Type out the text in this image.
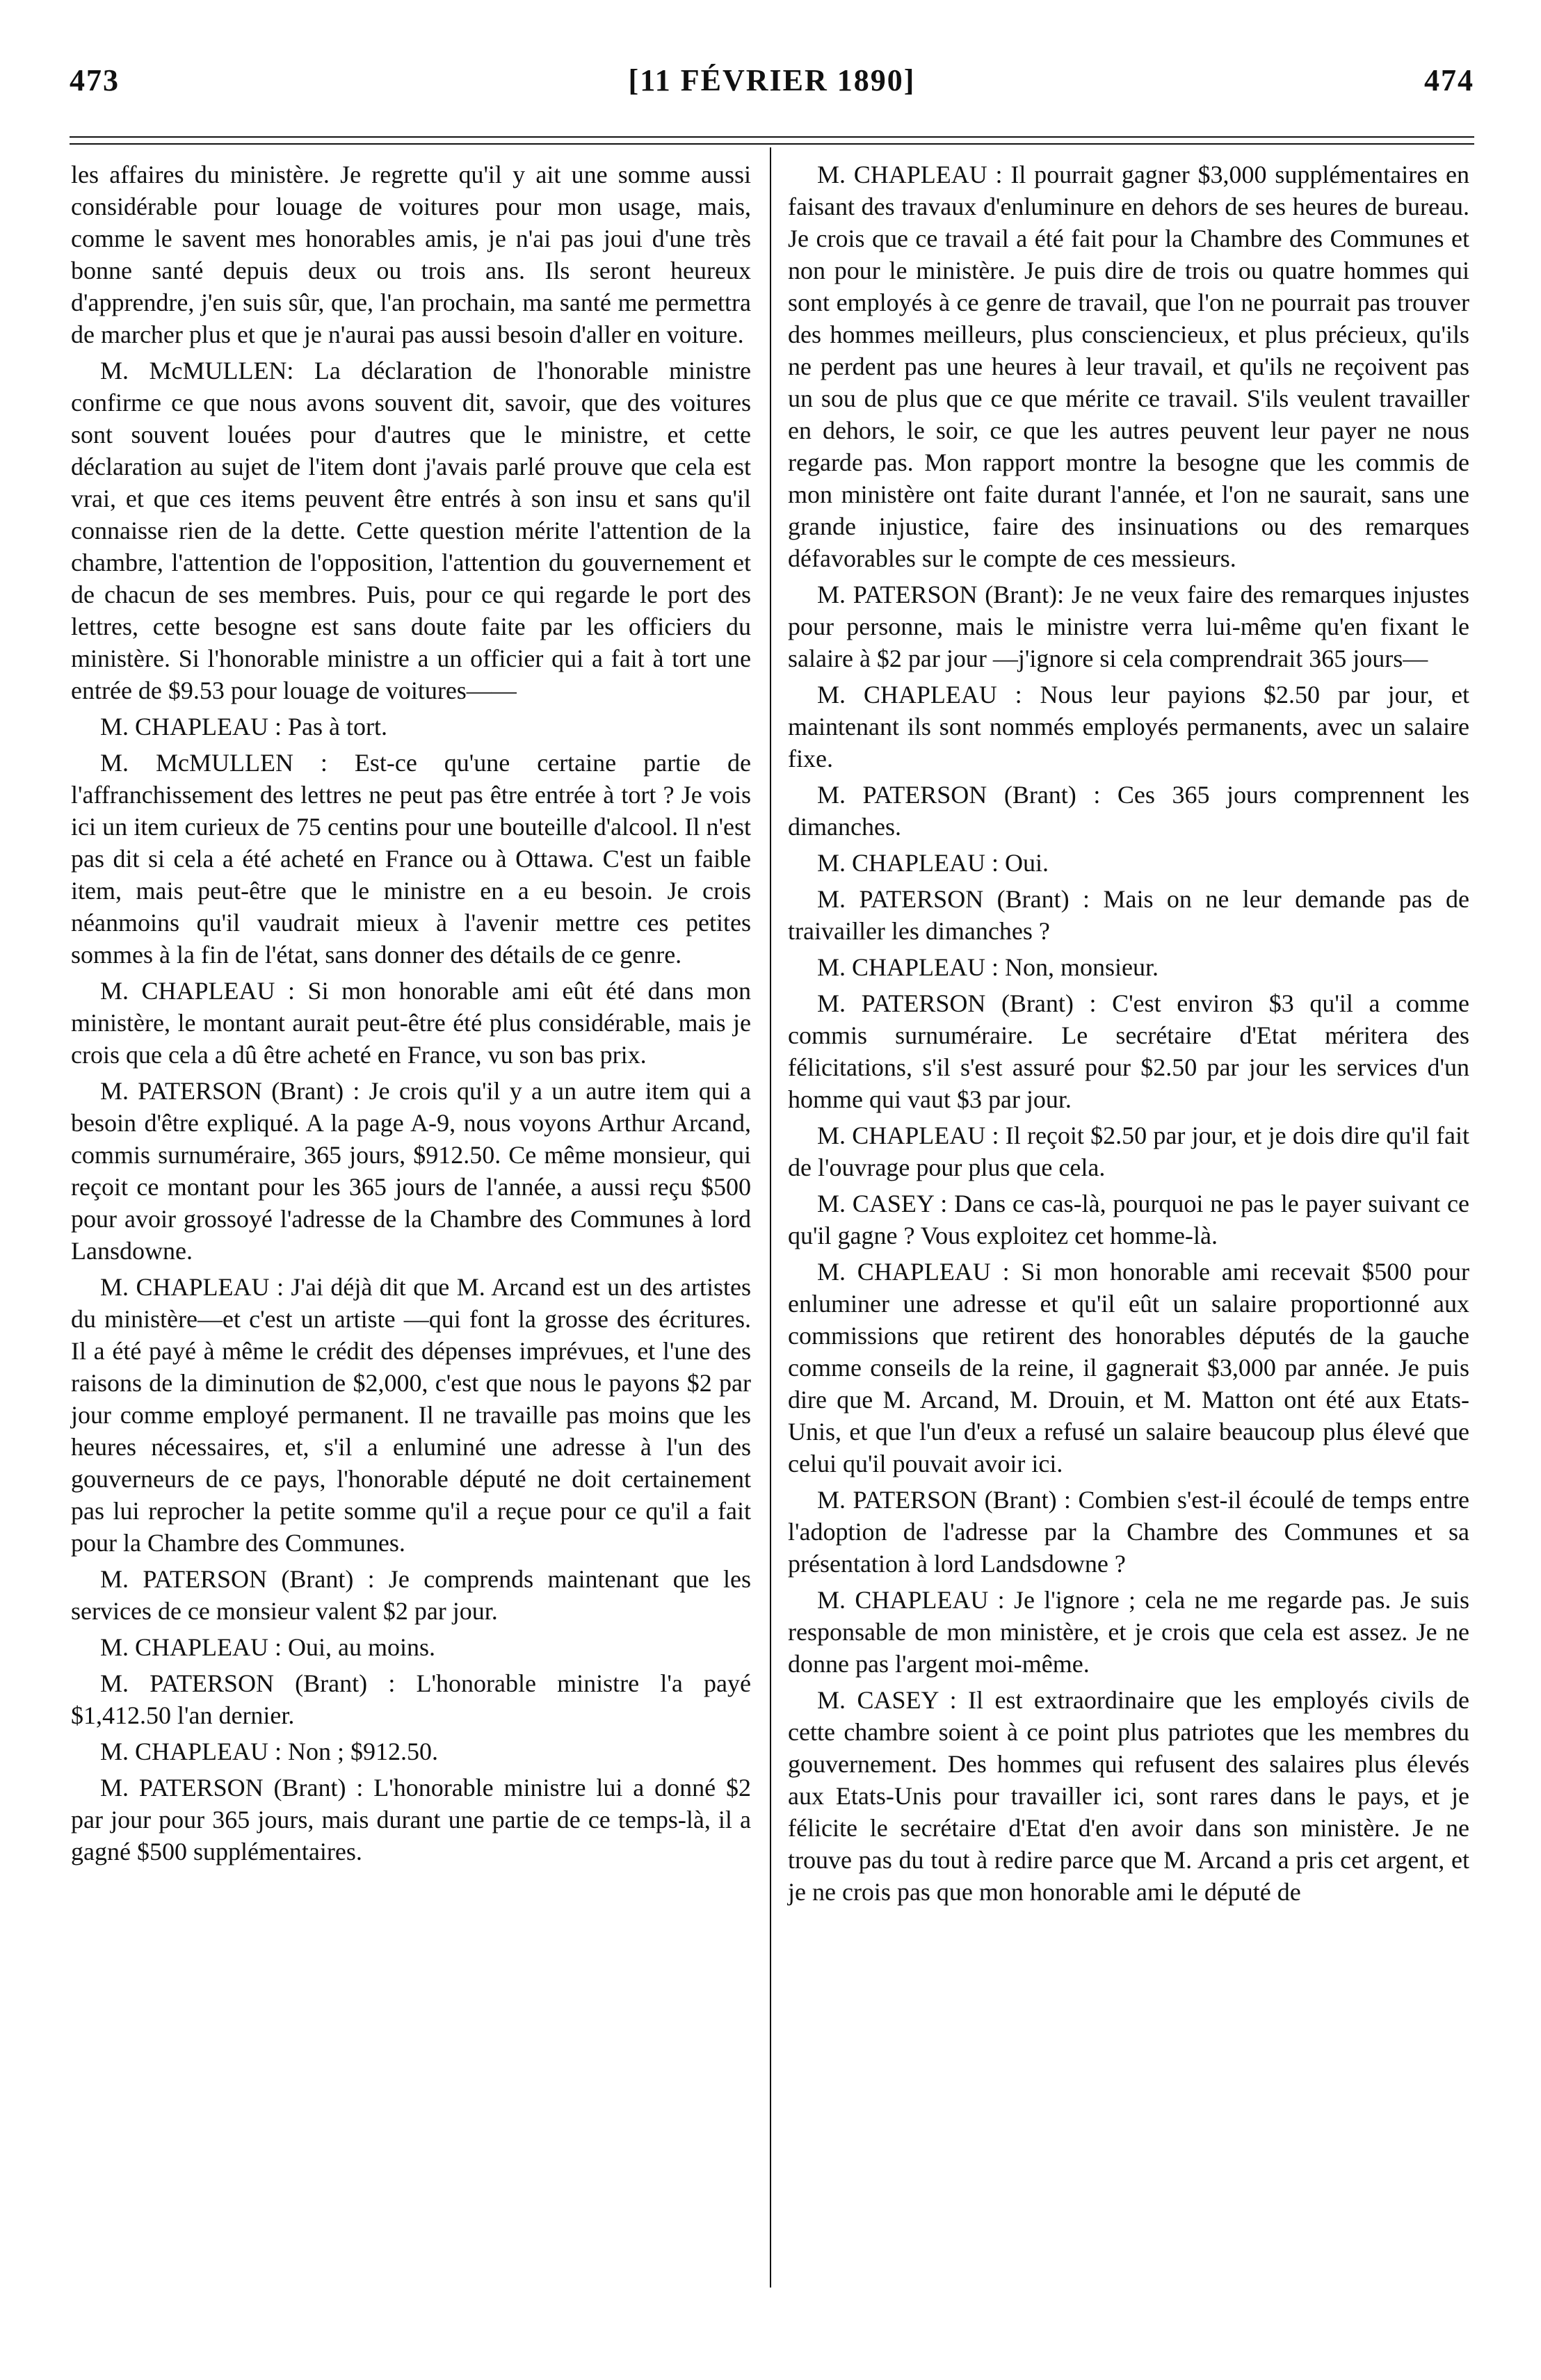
473	[11 FÉVRIER 1890]	474

les affaires du ministère. Je regrette qu'il y ait une somme aussi considérable pour louage de voitures pour mon usage, mais, comme le savent mes honorables amis, je n'ai pas joui d'une très bonne santé depuis deux ou trois ans. Ils seront heureux d'apprendre, j'en suis sûr, que, l'an prochain, ma santé me permettra de marcher plus et que je n'aurai pas aussi besoin d'aller en voiture.

M. McMULLEN: La déclaration de l'honorable ministre confirme ce que nous avons souvent dit, savoir, que des voitures sont souvent louées pour d'autres que le ministre, et cette déclaration au sujet de l'item dont j'avais parlé prouve que cela est vrai, et que ces items peuvent être entrés à son insu et sans qu'il connaisse rien de la dette. Cette question mérite l'attention de la chambre, l'attention de l'opposition, l'attention du gouvernement et de chacun de ses membres. Puis, pour ce qui regarde le port des lettres, cette besogne est sans doute faite par les officiers du ministère. Si l'honorable ministre a un officier qui a fait à tort une entrée de $9.53 pour louage de voitures——

M. CHAPLEAU : Pas à tort.

M. McMULLEN : Est-ce qu'une certaine partie de l'affranchissement des lettres ne peut pas être entrée à tort ? Je vois ici un item curieux de 75 centins pour une bouteille d'alcool. Il n'est pas dit si cela a été acheté en France ou à Ottawa. C'est un faible item, mais peut-être que le ministre en a eu besoin. Je crois néanmoins qu'il vaudrait mieux à l'avenir mettre ces petites sommes à la fin de l'état, sans donner des détails de ce genre.

M. CHAPLEAU : Si mon honorable ami eût été dans mon ministère, le montant aurait peut-être été plus considérable, mais je crois que cela a dû être acheté en France, vu son bas prix.

M. PATERSON (Brant) : Je crois qu'il y a un autre item qui a besoin d'être expliqué. A la page A-9, nous voyons Arthur Arcand, commis surnuméraire, 365 jours, $912.50. Ce même monsieur, qui reçoit ce montant pour les 365 jours de l'année, a aussi reçu $500 pour avoir grossoyé l'adresse de la Chambre des Communes à lord Lansdowne.

M. CHAPLEAU : J'ai déjà dit que M. Arcand est un des artistes du ministère—et c'est un artiste —qui font la grosse des écritures. Il a été payé à même le crédit des dépenses imprévues, et l'une des raisons de la diminution de $2,000, c'est que nous le payons $2 par jour comme employé permanent. Il ne travaille pas moins que les heures nécessaires, et, s'il a enluminé une adresse à l'un des gouverneurs de ce pays, l'honorable député ne doit certainement pas lui reprocher la petite somme qu'il a reçue pour ce qu'il a fait pour la Chambre des Communes.

M. PATERSON (Brant) : Je comprends maintenant que les services de ce monsieur valent $2 par jour.

M. CHAPLEAU : Oui, au moins.

M. PATERSON (Brant) : L'honorable ministre l'a payé $1,412.50 l'an dernier.

M. CHAPLEAU : Non ; $912.50.

M. PATERSON (Brant) : L'honorable ministre lui a donné $2 par jour pour 365 jours, mais durant une partie de ce temps-là, il a gagné $500 supplémentaires.

M. CHAPLEAU : Il pourrait gagner $3,000 supplémentaires en faisant des travaux d'enluminure en dehors de ses heures de bureau. Je crois que ce travail a été fait pour la Chambre des Communes et non pour le ministère. Je puis dire de trois ou quatre hommes qui sont employés à ce genre de travail, que l'on ne pourrait pas trouver des hommes meilleurs, plus consciencieux, et plus précieux, qu'ils ne perdent pas une heures à leur travail, et qu'ils ne reçoivent pas un sou de plus que ce que mérite ce travail. S'ils veulent travailler en dehors, le soir, ce que les autres peuvent leur payer ne nous regarde pas. Mon rapport montre la besogne que les commis de mon ministère ont faite durant l'année, et l'on ne saurait, sans une grande injustice, faire des insinuations ou des remarques défavorables sur le compte de ces messieurs.

M. PATERSON (Brant): Je ne veux faire des remarques injustes pour personne, mais le ministre verra lui-même qu'en fixant le salaire à $2 par jour —j'ignore si cela comprendrait 365 jours—

M. CHAPLEAU : Nous leur payions $2.50 par jour, et maintenant ils sont nommés employés permanents, avec un salaire fixe.

M. PATERSON (Brant) : Ces 365 jours comprennent les dimanches.

M. CHAPLEAU : Oui.

M. PATERSON (Brant) : Mais on ne leur demande pas de traivailler les dimanches ?

M. CHAPLEAU : Non, monsieur.

M. PATERSON (Brant) : C'est environ $3 qu'il a comme commis surnuméraire. Le secrétaire d'Etat méritera des félicitations, s'il s'est assuré pour $2.50 par jour les services d'un homme qui vaut $3 par jour.

M. CHAPLEAU : Il reçoit $2.50 par jour, et je dois dire qu'il fait de l'ouvrage pour plus que cela.

M. CASEY : Dans ce cas-là, pourquoi ne pas le payer suivant ce qu'il gagne ? Vous exploitez cet homme-là.

M. CHAPLEAU : Si mon honorable ami recevait $500 pour enluminer une adresse et qu'il eût un salaire proportionné aux commissions que retirent des honorables députés de la gauche comme conseils de la reine, il gagnerait $3,000 par année. Je puis dire que M. Arcand, M. Drouin, et M. Matton ont été aux Etats-Unis, et que l'un d'eux a refusé un salaire beaucoup plus élevé que celui qu'il pouvait avoir ici.

M. PATERSON (Brant) : Combien s'est-il écoulé de temps entre l'adoption de l'adresse par la Chambre des Communes et sa présentation à lord Landsdowne ?

M. CHAPLEAU : Je l'ignore ; cela ne me regarde pas. Je suis responsable de mon ministère, et je crois que cela est assez. Je ne donne pas l'argent moi-même.

M. CASEY : Il est extraordinaire que les employés civils de cette chambre soient à ce point plus patriotes que les membres du gouvernement. Des hommes qui refusent des salaires plus élevés aux Etats-Unis pour travailler ici, sont rares dans le pays, et je félicite le secrétaire d'Etat d'en avoir dans son ministère. Je ne trouve pas du tout à redire parce que M. Arcand a pris cet argent, et je ne crois pas que mon honorable ami le député de
